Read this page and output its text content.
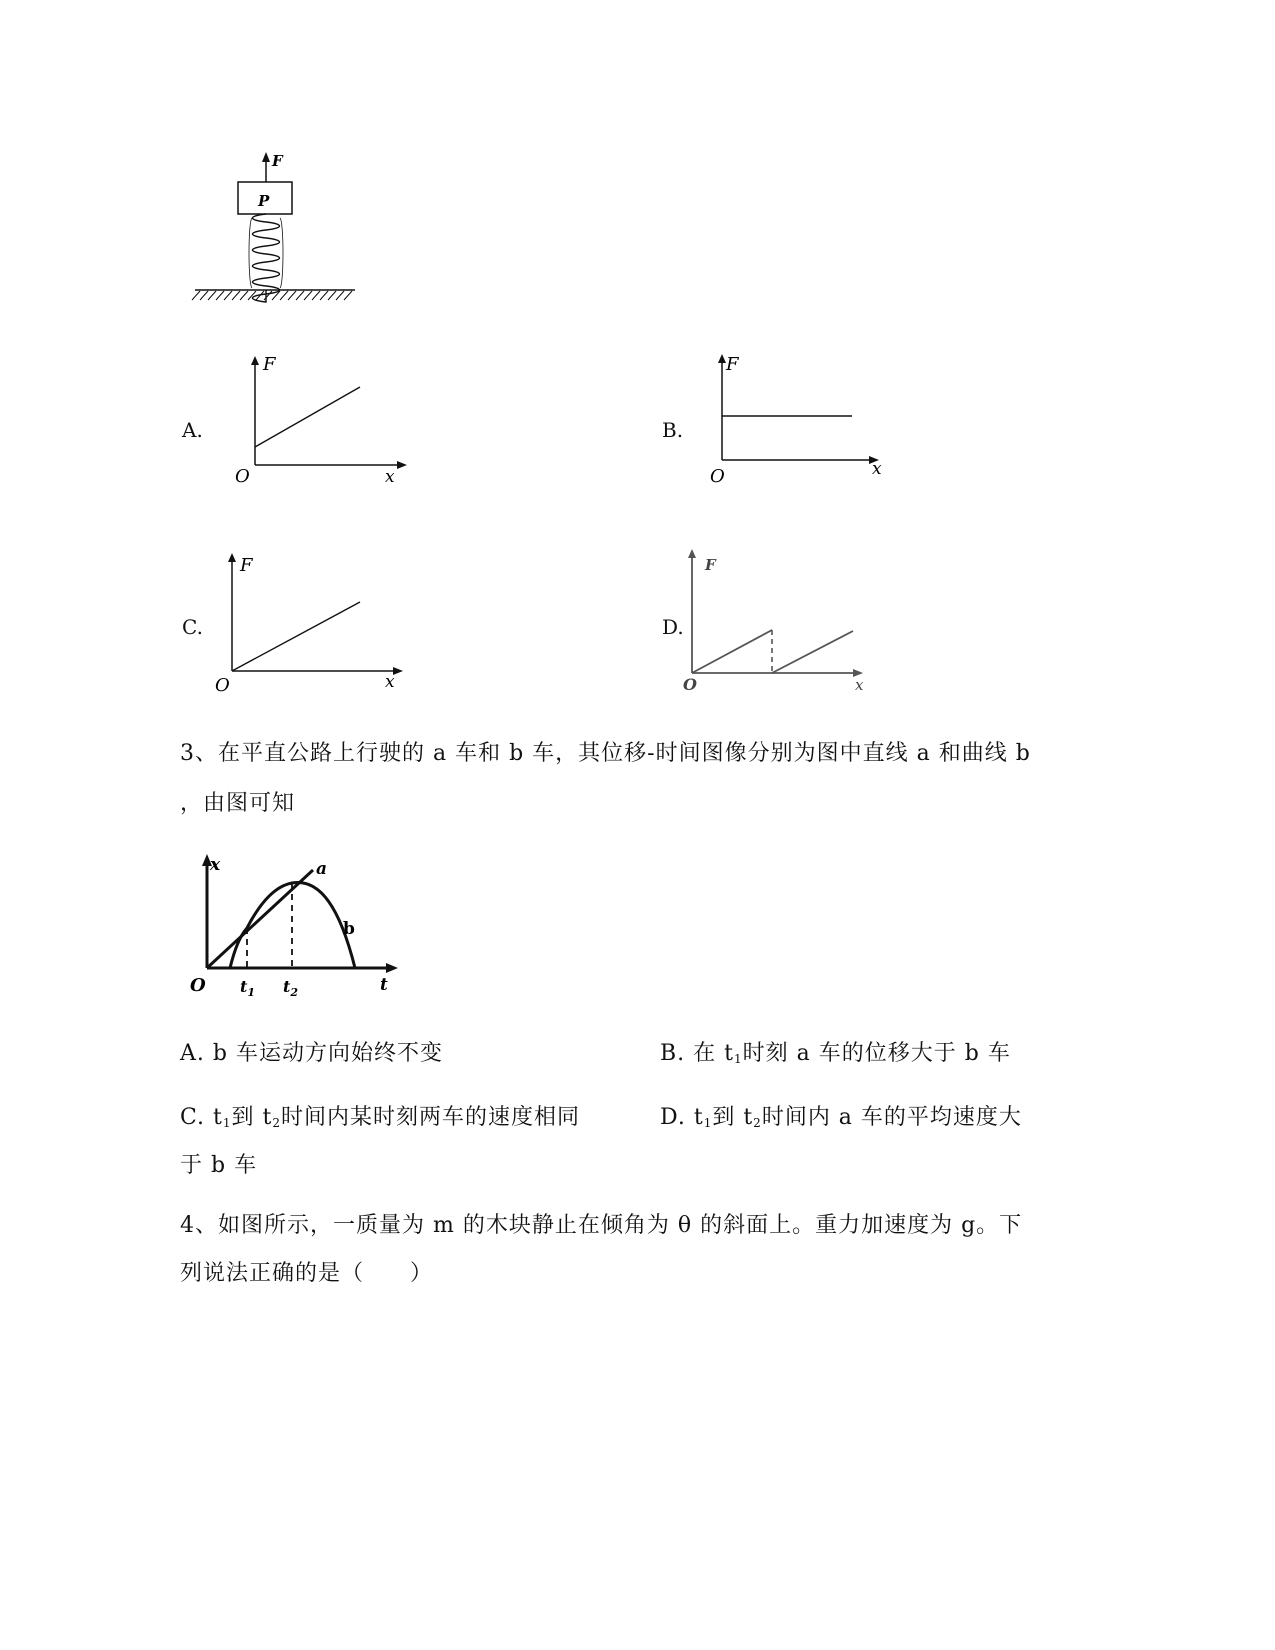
F
P
A.
F
x
O
B.
F
x
O
C.
F
x
O
D.
F
x
O
3、在平直公路上行驶的 a 车和 b 车，其位移-时间图像分别为图中直线 a 和曲线 b
，由图可知
x
t
O $t_1$ $t_2$
a
b
A. b 车运动方向始终不变	B. 在 $t_1$时刻 a 车的位移大于 b 车
C. $t_1$到 $t_2$时间内某时刻两车的速度相同	D. $t_1$到 $t_2$时间内 a 车的平均速度大
于 b 车
4、如图所示，一质量为 m 的木块静止在倾角为 θ 的斜面上。重力加速度为 g。下
列说法正确的是（　　）
